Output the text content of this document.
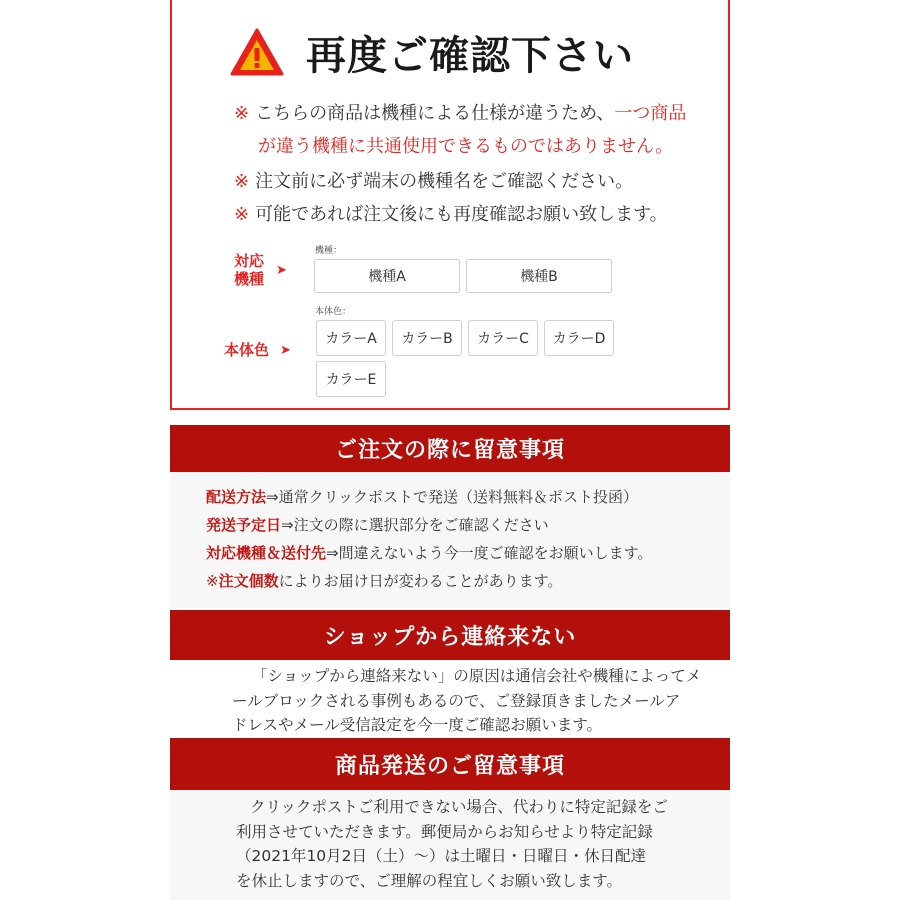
再度ご確認下さい
※ こちらの商品は機種による仕様が違うため、一つ商品
が違う機種に共通使用できるものではありません。
※ 注文前に必ず端末の機種名をご確認ください。
※ 可能であれば注文後にも再度確認お願い致します。
対応
機種 ➤
機種：
機種A	機種B
本体色 ➤
本体色：
カラーA	カラーB	カラーC	カラーD
カラーE
ご注文の際に留意事項
配送方法⇒通常クリックポストで発送（送料無料＆ポスト投函）
発送予定日⇒注文の際に選択部分をご確認ください
対応機種＆送付先⇒間違えないよう今一度ご確認をお願いします。
※注文個数によりお届け日が変わることがあります。
ショップから連絡来ない
「ショップから連絡来ない」の原因は通信会社や機種によってメ
ールブロックされる事例もあるので、ご登録頂きましたメールア
ドレスやメール受信設定を今一度ご確認お願います。
商品発送のご留意事項
クリックポストご利用できない場合、代わりに特定記録をご
利用させていただきます。郵便局からお知らせより特定記録
（2021年10月2日（土）～）は土曜日・日曜日・休日配達
を休止しますので、ご理解の程宜しくお願い致します。
